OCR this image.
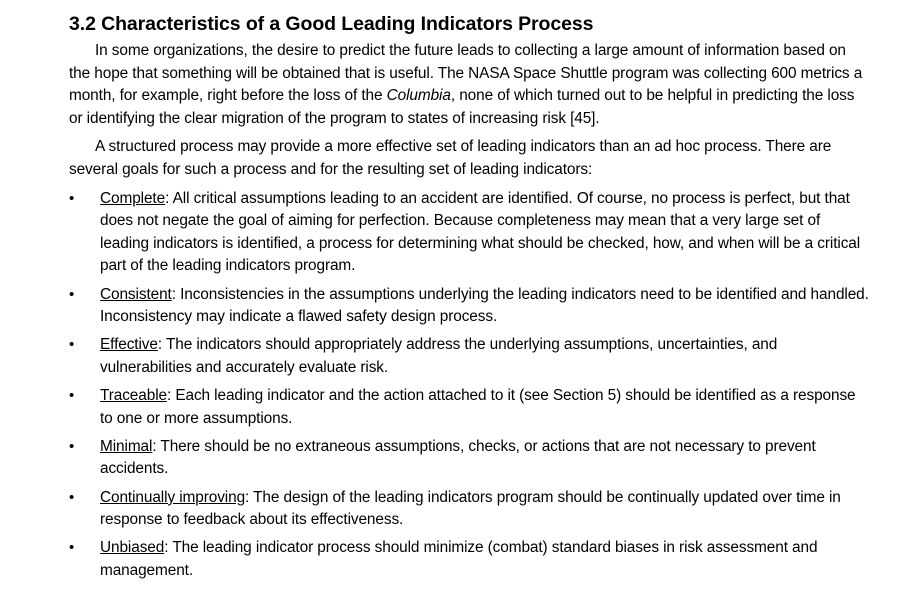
3.2 Characteristics of a Good Leading Indicators Process

In some organizations, the desire to predict the future leads to collecting a large amount of information based on the hope that something will be obtained that is useful. The NASA Space Shuttle program was collecting 600 metrics a month, for example, right before the loss of the Columbia, none of which turned out to be helpful in predicting the loss or identifying the clear migration of the program to states of increasing risk [45].

A structured process may provide a more effective set of leading indicators than an ad hoc process. There are several goals for such a process and for the resulting set of leading indicators:

•	Complete: All critical assumptions leading to an accident are identified. Of course, no process is perfect, but that does not negate the goal of aiming for perfection. Because completeness may mean that a very large set of leading indicators is identified, a process for determining what should be checked, how, and when will be a critical part of the leading indicators program.
•	Consistent: Inconsistencies in the assumptions underlying the leading indicators need to be identified and handled. Inconsistency may indicate a flawed safety design process.
•	Effective: The indicators should appropriately address the underlying assumptions, uncertainties, and vulnerabilities and accurately evaluate risk.
•	Traceable: Each leading indicator and the action attached to it (see Section 5) should be identified as a response to one or more assumptions.
•	Minimal: There should be no extraneous assumptions, checks, or actions that are not necessary to prevent accidents.
•	Continually improving: The design of the leading indicators program should be continually updated over time in response to feedback about its effectiveness.
•	Unbiased: The leading indicator process should minimize (combat) standard biases in risk assessment and management.
